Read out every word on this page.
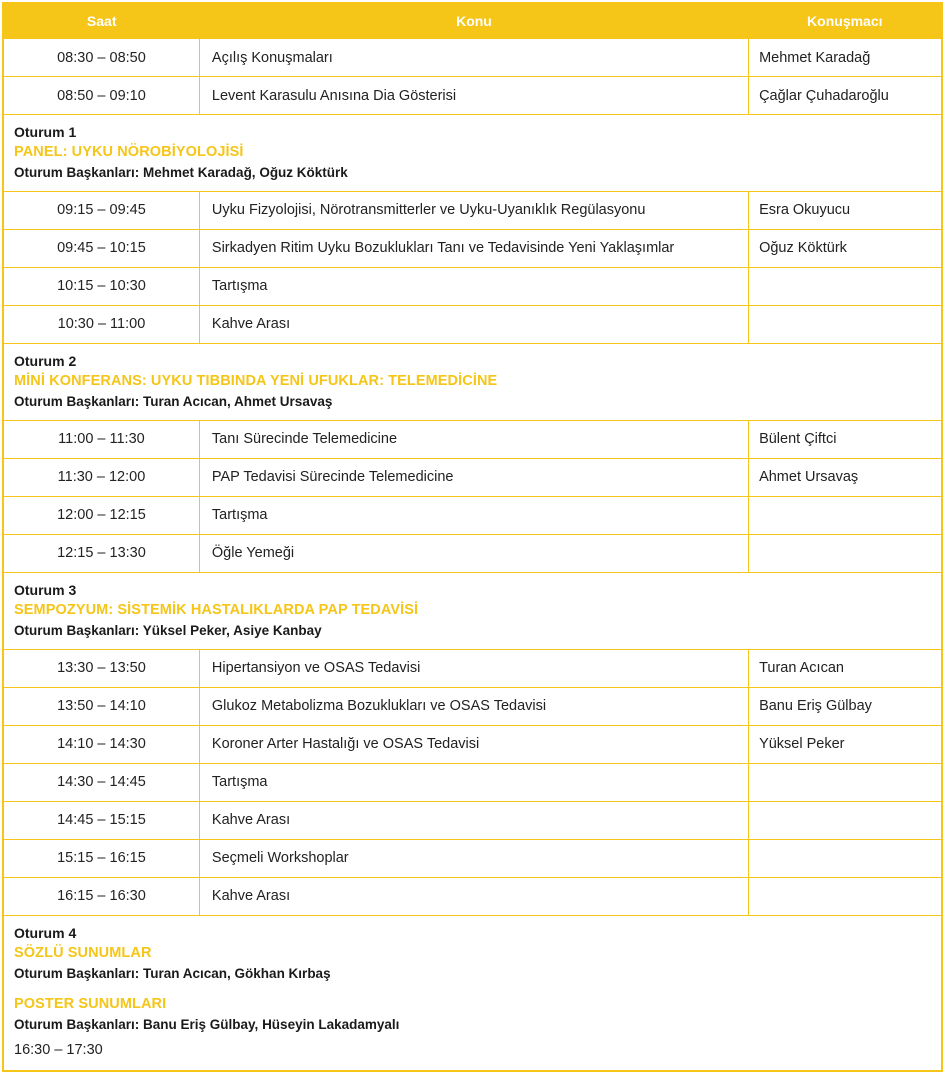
Saat	Konu	Konuşmacı
08:30 – 08:50	Açılış Konuşmaları	Mehmet Karadağ
08:50 – 09:10	Levent Karasulu Anısına Dia Gösterisi	Çağlar Çuhadaroğlu

Oturum 1
PANEL: UYKU NÖROBİYOLOJİSİ
Oturum Başkanları: Mehmet Karadağ, Oğuz Köktürk		

09:15 – 09:45	Uyku Fizyolojisi, Nörotransmitterler ve Uyku-Uyanıklık Regülasyonu	Esra Okuyucu
09:45 – 10:15	Sirkadyen Ritim Uyku Bozuklukları Tanı ve Tedavisinde Yeni Yaklaşımlar	Oğuz Köktürk
10:15 – 10:30	Tartışma	
10:30 – 11:00	Kahve Arası	

Oturum 2
MİNİ KONFERANS: UYKU TIBBINDA YENİ UFUKLAR: TELEMEDİCİNE
Oturum Başkanları: Turan Acıcan, Ahmet Ursavaş		

11:00 – 11:30	Tanı Sürecinde Telemedicine	Bülent Çiftci
11:30 – 12:00	PAP Tedavisi Sürecinde Telemedicine	Ahmet Ursavaş
12:00 – 12:15	Tartışma	
12:15 – 13:30	Öğle Yemeği	

Oturum 3
SEMPOZYUM: SİSTEMİK HASTALIKLARDA PAP TEDAVİSİ
Oturum Başkanları: Yüksel Peker, Asiye Kanbay		

13:30 – 13:50	Hipertansiyon ve OSAS Tedavisi	Turan Acıcan
13:50 – 14:10	Glukoz Metabolizma Bozuklukları ve OSAS Tedavisi	Banu Eriş Gülbay
14:10 – 14:30	Koroner Arter Hastalığı ve OSAS Tedavisi	Yüksel Peker
14:30 – 14:45	Tartışma	
14:45 – 15:15	Kahve Arası	
15:15 – 16:15	Seçmeli Workshoplar	
16:15 – 16:30	Kahve Arası	

Oturum 4
SÖZLÜ SUNUMLAR
Oturum Başkanları: Turan Acıcan, Gökhan Kırbaş
POSTER SUNUMLARI
Oturum Başkanları: Banu Eriş Gülbay, Hüseyin Lakadamyalı
16:30 – 17:30
